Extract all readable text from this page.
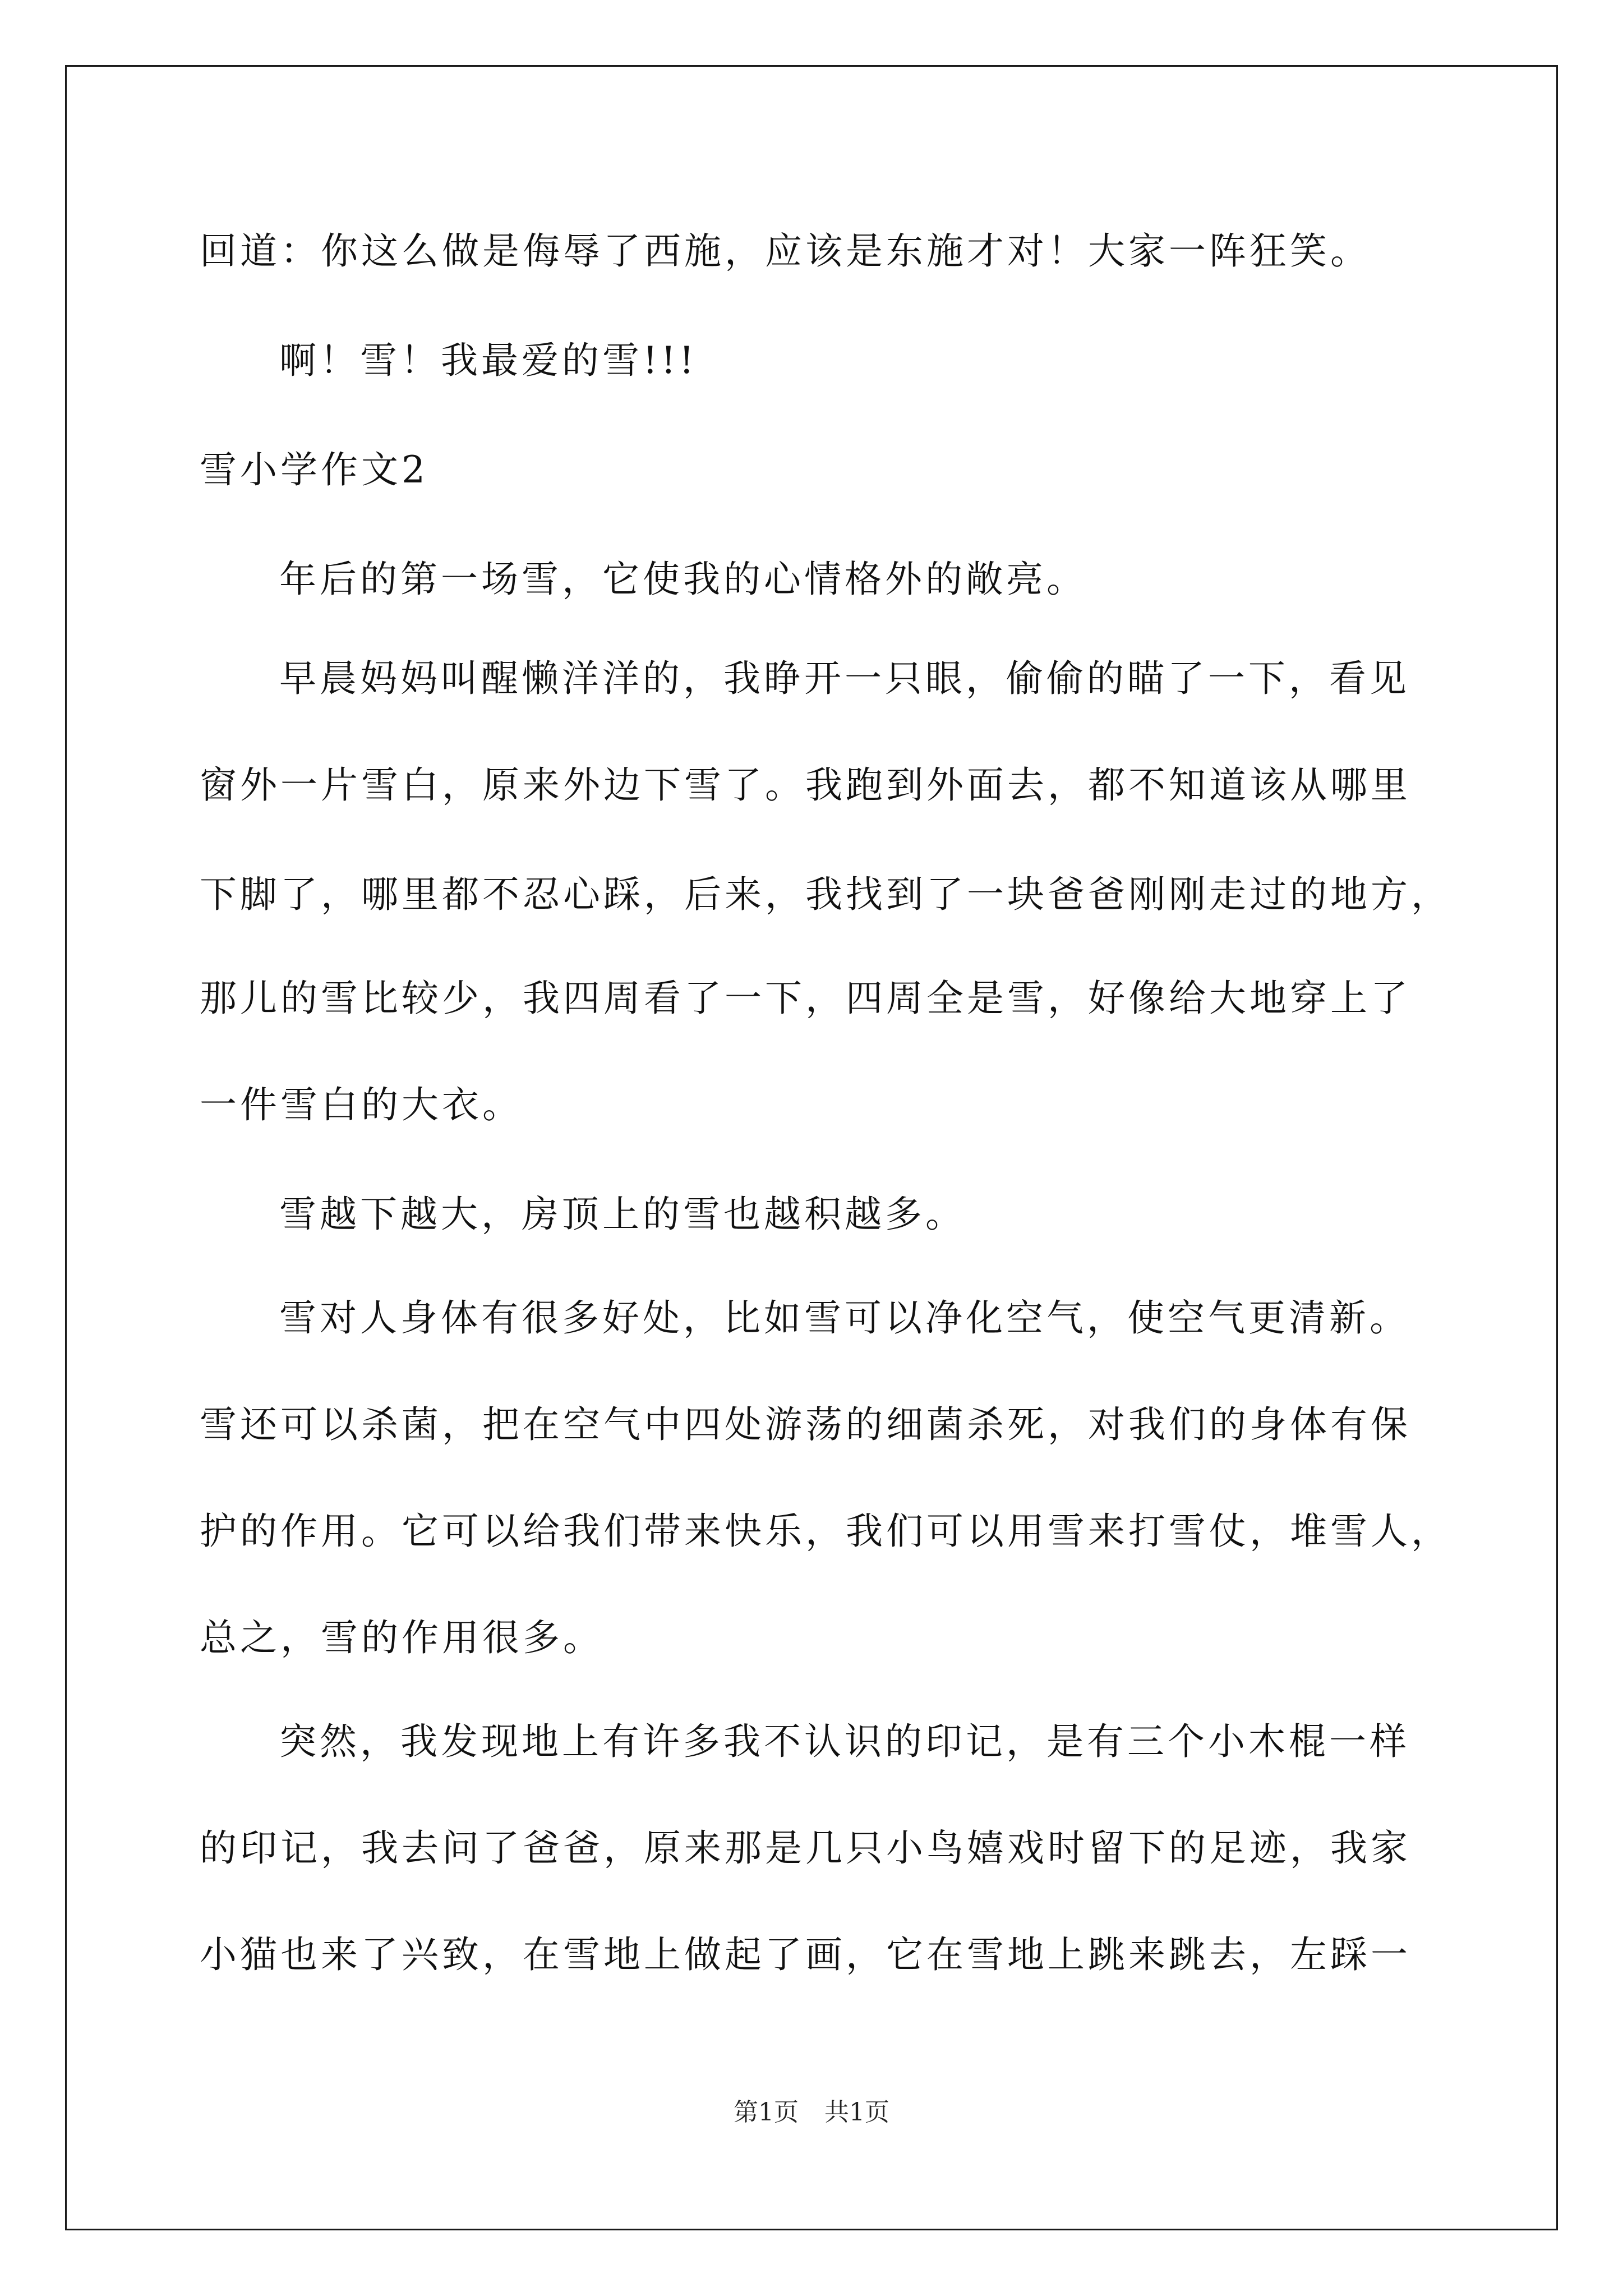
回道：你这么做是侮辱了西施，应该是东施才对！大家一阵狂笑。
啊！雪！我最爱的雪!!!
雪小学作文2
年后的第一场雪，它使我的心情格外的敞亮。
早晨妈妈叫醒懒洋洋的，我睁开一只眼，偷偷的瞄了一下，看见
窗外一片雪白，原来外边下雪了。我跑到外面去，都不知道该从哪里
下脚了，哪里都不忍心踩，后来，我找到了一块爸爸刚刚走过的地方，
那儿的雪比较少，我四周看了一下，四周全是雪，好像给大地穿上了
一件雪白的大衣。
雪越下越大，房顶上的雪也越积越多。
雪对人身体有很多好处，比如雪可以净化空气，使空气更清新。
雪还可以杀菌，把在空气中四处游荡的细菌杀死，对我们的身体有保
护的作用。它可以给我们带来快乐，我们可以用雪来打雪仗，堆雪人，
总之，雪的作用很多。
突然，我发现地上有许多我不认识的印记，是有三个小木棍一样
的印记，我去问了爸爸，原来那是几只小鸟嬉戏时留下的足迹，我家
小猫也来了兴致，在雪地上做起了画，它在雪地上跳来跳去，左踩一
第1页 共1页
